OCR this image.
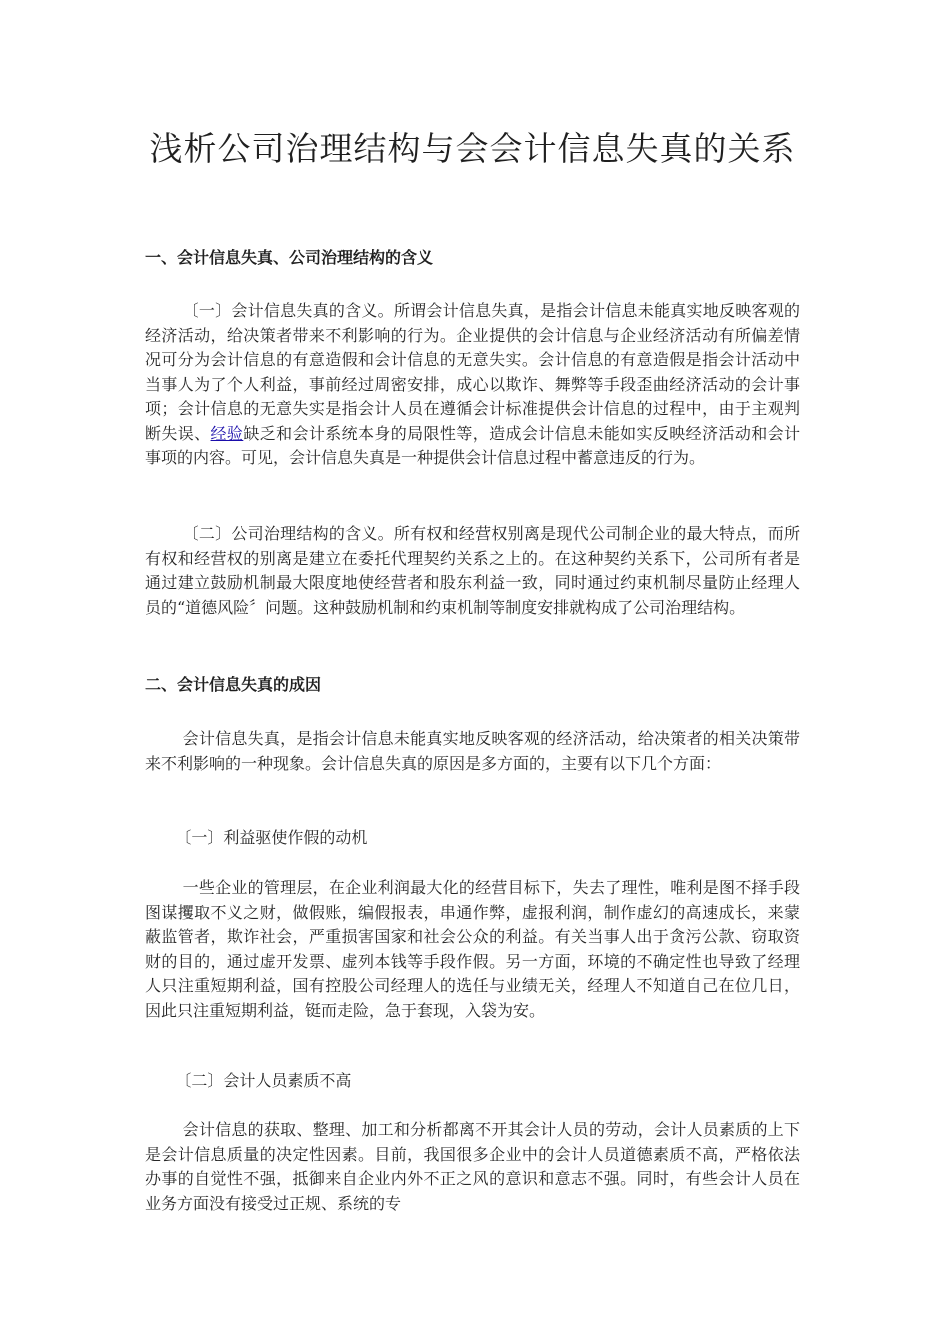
浅析公司治理结构与会会计信息失真的关系
一、会计信息失真、公司治理结构的含义

〔一〕会计信息失真的含义。所谓会计信息失真，是指会计信息未能真实地反映客观的经济活动，给决策者带来不利影响的行为。企业提供的会计信息与企业经济活动有所偏差情况可分为会计信息的有意造假和会计信息的无意失实。会计信息的有意造假是指会计活动中当事人为了个人利益，事前经过周密安排，成心以欺诈、舞弊等手段歪曲经济活动的会计事项；会计信息的无意失实是指会计人员在遵循会计标准提供会计信息的过程中，由于主观判断失误、经验缺乏和会计系统本身的局限性等，造成会计信息未能如实反映经济活动和会计事项的内容。可见，会计信息失真是一种提供会计信息过程中蓄意违反的行为。

〔二〕公司治理结构的含义。所有权和经营权别离是现代公司制企业的最大特点，而所有权和经营权的别离是建立在委托代理契约关系之上的。在这种契约关系下，公司所有者是通过建立鼓励机制最大限度地使经营者和股东利益一致，同时通过约束机制尽量防止经理人员的“道德风险〞问题。这种鼓励机制和约束机制等制度安排就构成了公司治理结构。

二、会计信息失真的成因

会计信息失真，是指会计信息未能真实地反映客观的经济活动，给决策者的相关决策带来不利影响的一种现象。会计信息失真的原因是多方面的，主要有以下几个方面：

〔一〕利益驱使作假的动机

一些企业的管理层，在企业利润最大化的经营目标下，失去了理性，唯利是图不择手段图谋攫取不义之财，做假账，编假报表，串通作弊，虚报利润，制作虚幻的高速成长，来蒙蔽监管者，欺诈社会，严重损害国家和社会公众的利益。有关当事人出于贪污公款、窃取资财的目的，通过虚开发票、虚列本钱等手段作假。另一方面，环境的不确定性也导致了经理人只注重短期利益，国有控股公司经理人的选任与业绩无关，经理人不知道自己在位几日，因此只注重短期利益，铤而走险，急于套现，入袋为安。

〔二〕会计人员素质不高

会计信息的获取、整理、加工和分析都离不开其会计人员的劳动，会计人员素质的上下是会计信息质量的决定性因素。目前，我国很多企业中的会计人员道德素质不高，严格依法办事的自觉性不强，抵御来自企业内外不正之风的意识和意志不强。同时，有些会计人员在业务方面没有接受过正规、系统的专
